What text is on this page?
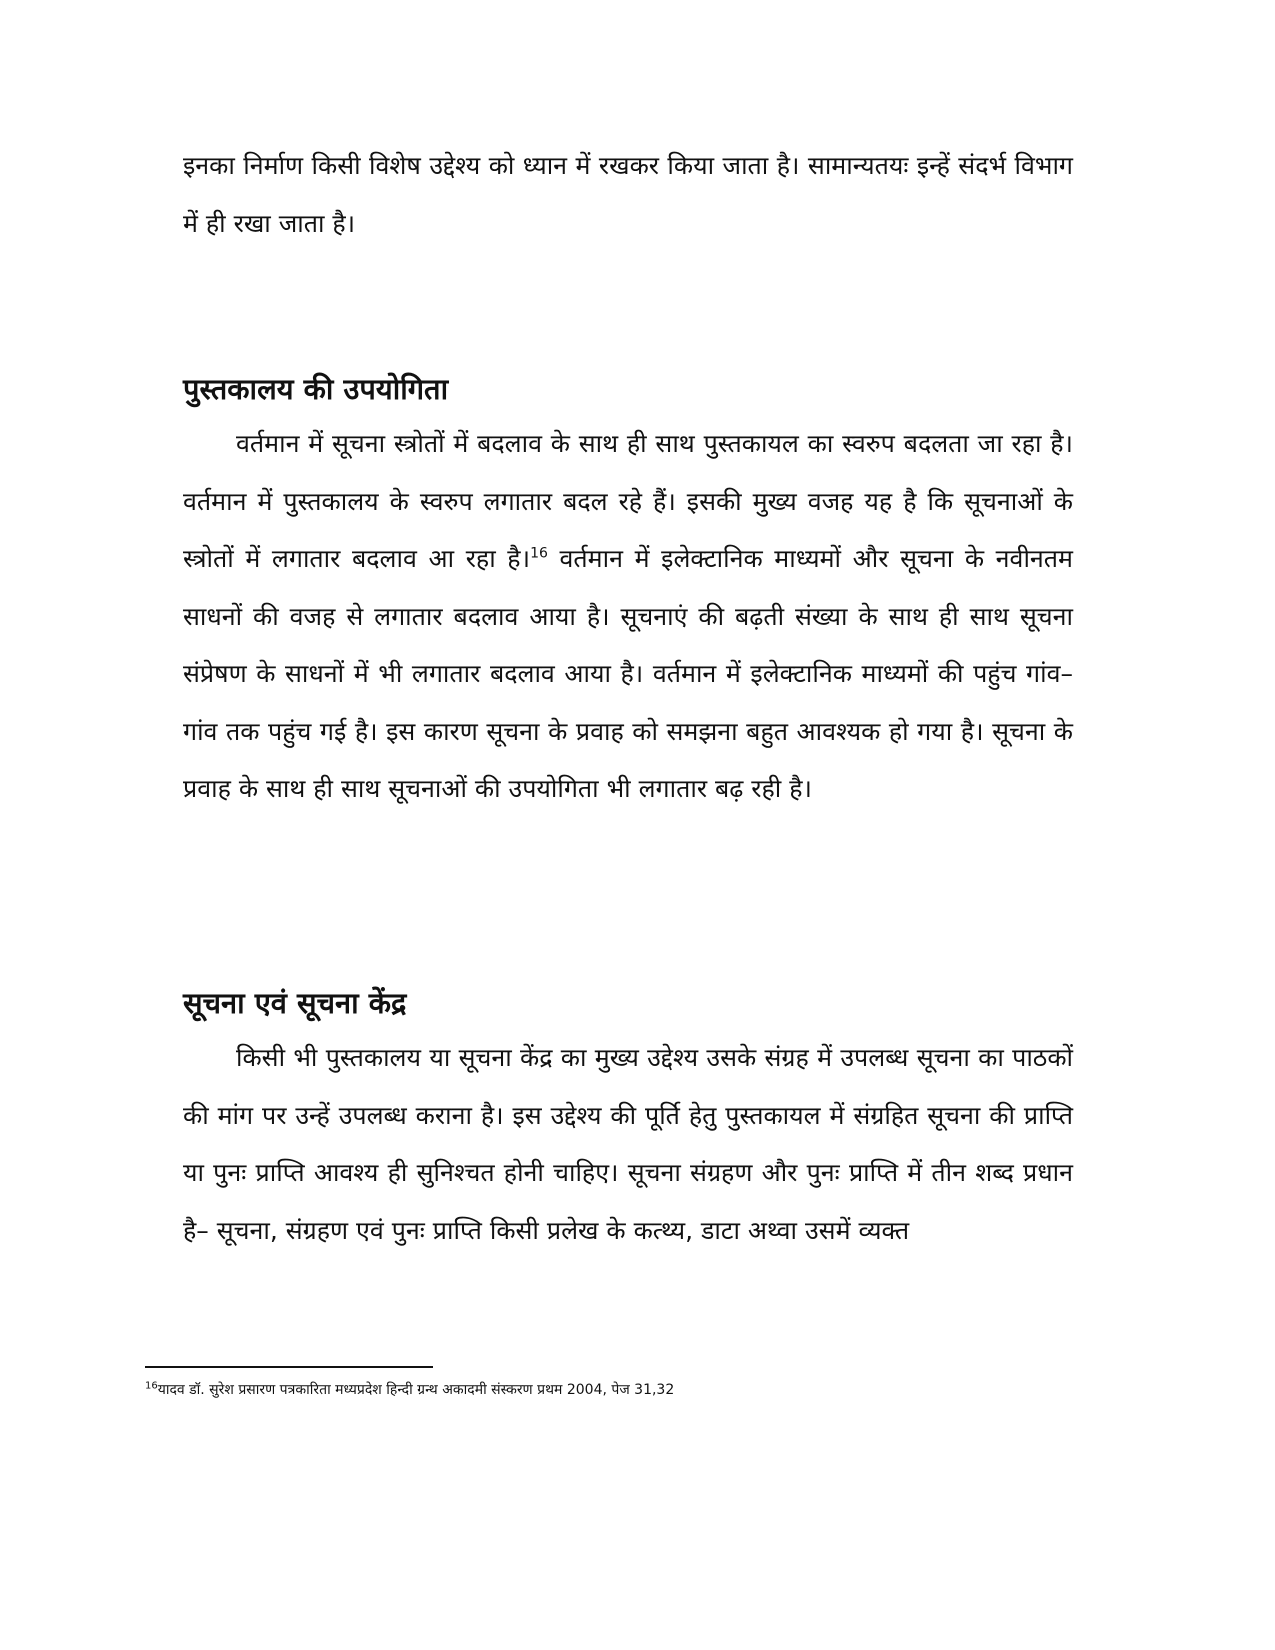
इनका निर्माण किसी विशेष उद्देश्य को ध्यान में रखकर किया जाता है। सामान्यतयः इन्हें संदर्भ विभाग में ही रखा जाता है।

पुस्तकालय की उपयोगिता

वर्तमान में सूचना स्त्रोतों में बदलाव के साथ ही साथ पुस्तकायल का स्वरुप बदलता जा रहा है। वर्तमान में पुस्तकालय के स्वरुप लगातार बदल रहे हैं। इसकी मुख्य वजह यह है कि सूचनाओं के स्त्रोतों में लगातार बदलाव आ रहा है।$^{16}$ वर्तमान में इलेक्टानिक माध्यमों और सूचना के नवीनतम साधनों की वजह से लगातार बदलाव आया है। सूचनाएं की बढ़ती संख्या के साथ ही साथ सूचना संप्रेषण के साधनों में भी लगातार बदलाव आया है। वर्तमान में इलेक्टानिक माध्यमों की पहुंच गांव–गांव तक पहुंच गई है। इस कारण सूचना के प्रवाह को समझना बहुत आवश्यक हो गया है। सूचना के प्रवाह के साथ ही साथ सूचनाओं की उपयोगिता भी लगातार बढ़ रही है।

सूचना एवं सूचना केंद्र

किसी भी पुस्तकालय या सूचना केंद्र का मुख्य उद्देश्य उसके संग्रह में उपलब्ध सूचना का पाठकों की मांग पर उन्हें उपलब्ध कराना है। इस उद्देश्य की पूर्ति हेतु पुस्तकायल में संग्रहित सूचना की प्राप्ति या पुनः प्राप्ति आवश्य ही सुनिश्चत होनी चाहिए। सूचना संग्रहण और पुनः प्राप्ति में तीन शब्द प्रधान है– सूचना, संग्रहण एवं पुनः प्राप्ति किसी प्रलेख के कत्थ्य, डाटा अथ्वा उसमें व्यक्त

$^{16}$यादव डॉ. सुरेश प्रसारण पत्रकारिता मध्यप्रदेश हिन्दी ग्रन्थ अकादमी संस्करण प्रथम 2004, पेज 31,32
